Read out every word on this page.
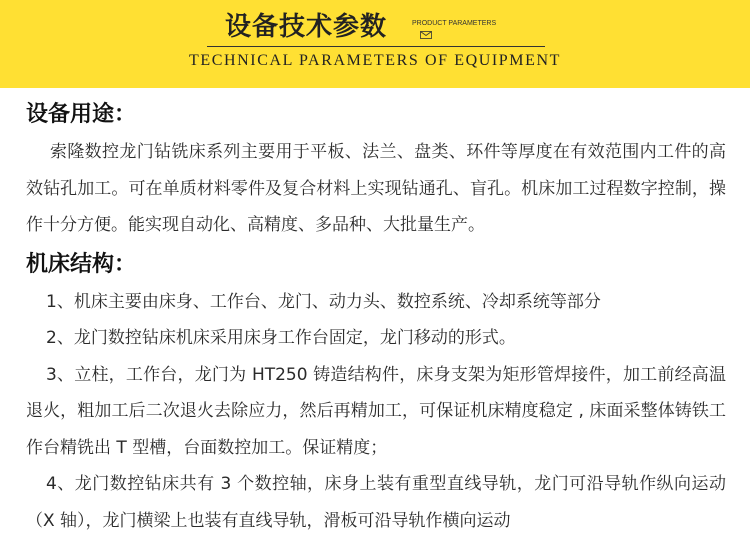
设备技术参数	PRODUCT PARAMETERS
TECHNICAL PARAMETERS OF EQUIPMENT
设备用途：

索隆数控龙门钻铣床系列主要用于平板、法兰、盘类、环件等厚度在有效范围内工件的高效钻孔加工。可在单质材料零件及复合材料上实现钻通孔、盲孔。机床加工过程数字控制，操作十分方便。能实现自动化、高精度、多品种、大批量生产。

机床结构：

1、机床主要由床身、工作台、龙门、动力头、数控系统、冷却系统等部分

2、龙门数控钻床机床采用床身工作台固定，龙门移动的形式。

3、立柱，工作台，龙门为 HT250 铸造结构件，床身支架为矩形管焊接件，加工前经高温退火，粗加工后二次退火去除应力，然后再精加工，可保证机床精度稳定 , 床面采整体铸铁工作台精铣出 T 型槽，台面数控加工。保证精度；

4、龙门数控钻床共有 3 个数控轴，床身上装有重型直线导轨，龙门可沿导轨作纵向运动（X 轴），龙门横梁上也装有直线导轨，滑板可沿导轨作横向运动
